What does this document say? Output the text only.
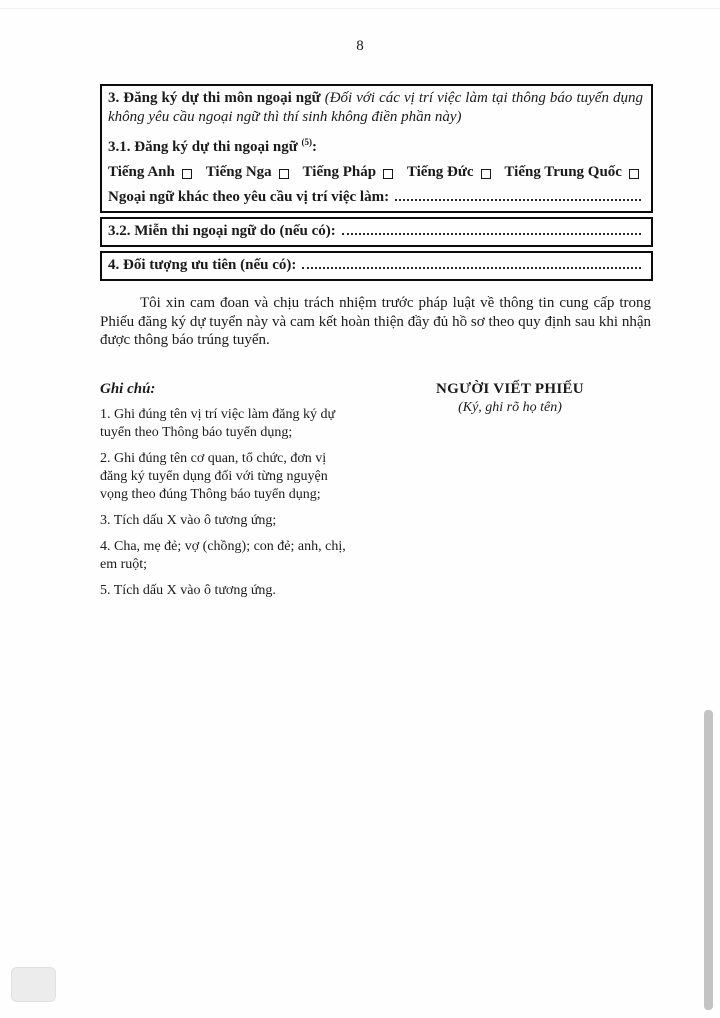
8

3. Đăng ký dự thi môn ngoại ngữ (Đối với các vị trí việc làm tại thông báo tuyển dụng không yêu cầu ngoại ngữ thì thí sinh không điền phần này)

3.1. Đăng ký dự thi ngoại ngữ $^{(5)}$:

Tiếng Anh Tiếng Nga Tiếng Pháp Tiếng Đức Tiếng Trung Quốc

Ngoại ngữ khác theo yêu cầu vị trí việc làm:

3.2. Miễn thi ngoại ngữ do (nếu có):

4. Đối tượng ưu tiên (nếu có):

Tôi xin cam đoan và chịu trách nhiệm trước pháp luật về thông tin cung cấp trong Phiếu đăng ký dự tuyển này và cam kết hoàn thiện đầy đủ hồ sơ theo quy định sau khi nhận được thông báo trúng tuyển.

Ghi chú:

1. Ghi đúng tên vị trí việc làm đăng ký dự tuyển theo Thông báo tuyển dụng;

2. Ghi đúng tên cơ quan, tổ chức, đơn vị đăng ký tuyển dụng đối với từng nguyện vọng theo đúng Thông báo tuyển dụng;

3. Tích dấu X vào ô tương ứng;

4. Cha, mẹ đẻ; vợ (chồng); con đẻ; anh, chị, em ruột;

5. Tích dấu X vào ô tương ứng.

NGƯỜI VIẾT PHIẾU

(Ký, ghi rõ họ tên)
